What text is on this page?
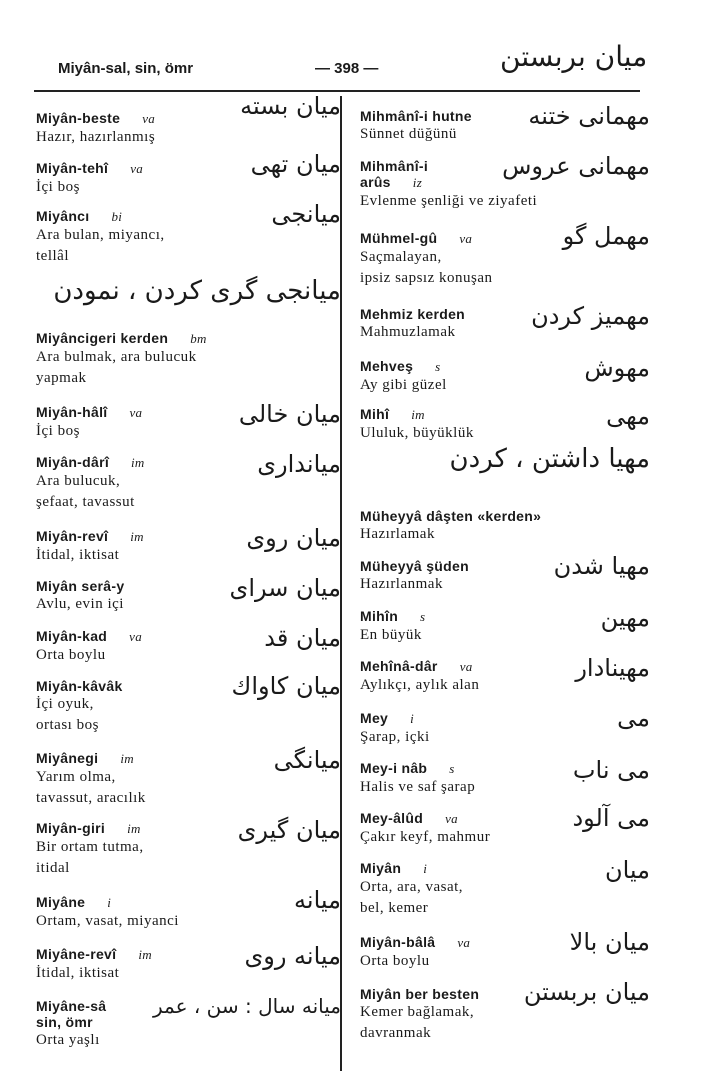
Miyân-sal, sin, ömr	— 398 —	میان بربستن
Miyân-beste va
Hazır, hazırlanmış
میان بسته
Miyân-tehî va
İçi boş
میان تهی
Miyâncı bi
Ara bulan, miyancı,
tellâl
میانجی
میانجی گری کردن ، نمودن
Miyâncigeri kerden bm
Ara bulmak, ara bulucuk
yapmak
Miyân-hâlî va
İçi boş
میان خالی
Miyân-dârî im
Ara bulucuk,
şefaat, tavassut
میانداری
Miyân-revî im
İtidal, iktisat
میان روی
Miyân serâ-y
Avlu, evin içi
میان سرای
Miyân-kad va
Orta boylu
میان قد
Miyân-kâvâk
İçi oyuk,
ortası boş
میان کاواك
Miyânegi im
Yarım olma,
tavassut, aracılık
میانگی
Miyân-giri im
Bir ortam tutma,
itidal
میان گیری
Miyâne i
Ortam, vasat, miyanci
میانه
Miyâne-revî im
İtidal, iktisat
میانه روی
Miyâne-sâ
sin, ömr
Orta yaşlı
میانه سال : سن ، عمر
Mihmânî-i hutne
Sünnet düğünü
مهمانی ختنه
Mihmânî-i
arûs iz
Evlenme şenliği ve ziyafeti
مهمانی عروس
Mühmel-gû va
Saçmalayan,
ipsiz sapsız konuşan
مهمل گو
Mehmiz kerden
Mahmuzlamak
مهمیز کردن
Mehveş s
Ay gibi güzel
مهوش
Mihî im
Ululuk, büyüklük
مهی
مهیا داشتن ، کردن
Müheyyâ dâşten «kerden»
Hazırlamak
Müheyyâ şüden
Hazırlanmak
مهیا شدن
Mihîn s
En büyük
مهین
Mehînâ-dâr va
Aylıkçı, aylık alan
مهینادار
Mey i
Şarap, içki
می
Mey-i nâb s
Halis ve saf şarap
می ناب
Mey-âlûd va
Çakır keyf, mahmur
می آلود
Miyân i
Orta, ara, vasat,
bel, kemer
میان
Miyân-bâlâ va
Orta boylu
میان بالا
Miyân ber besten
Kemer bağlamak,
davranmak
میان بربستن
